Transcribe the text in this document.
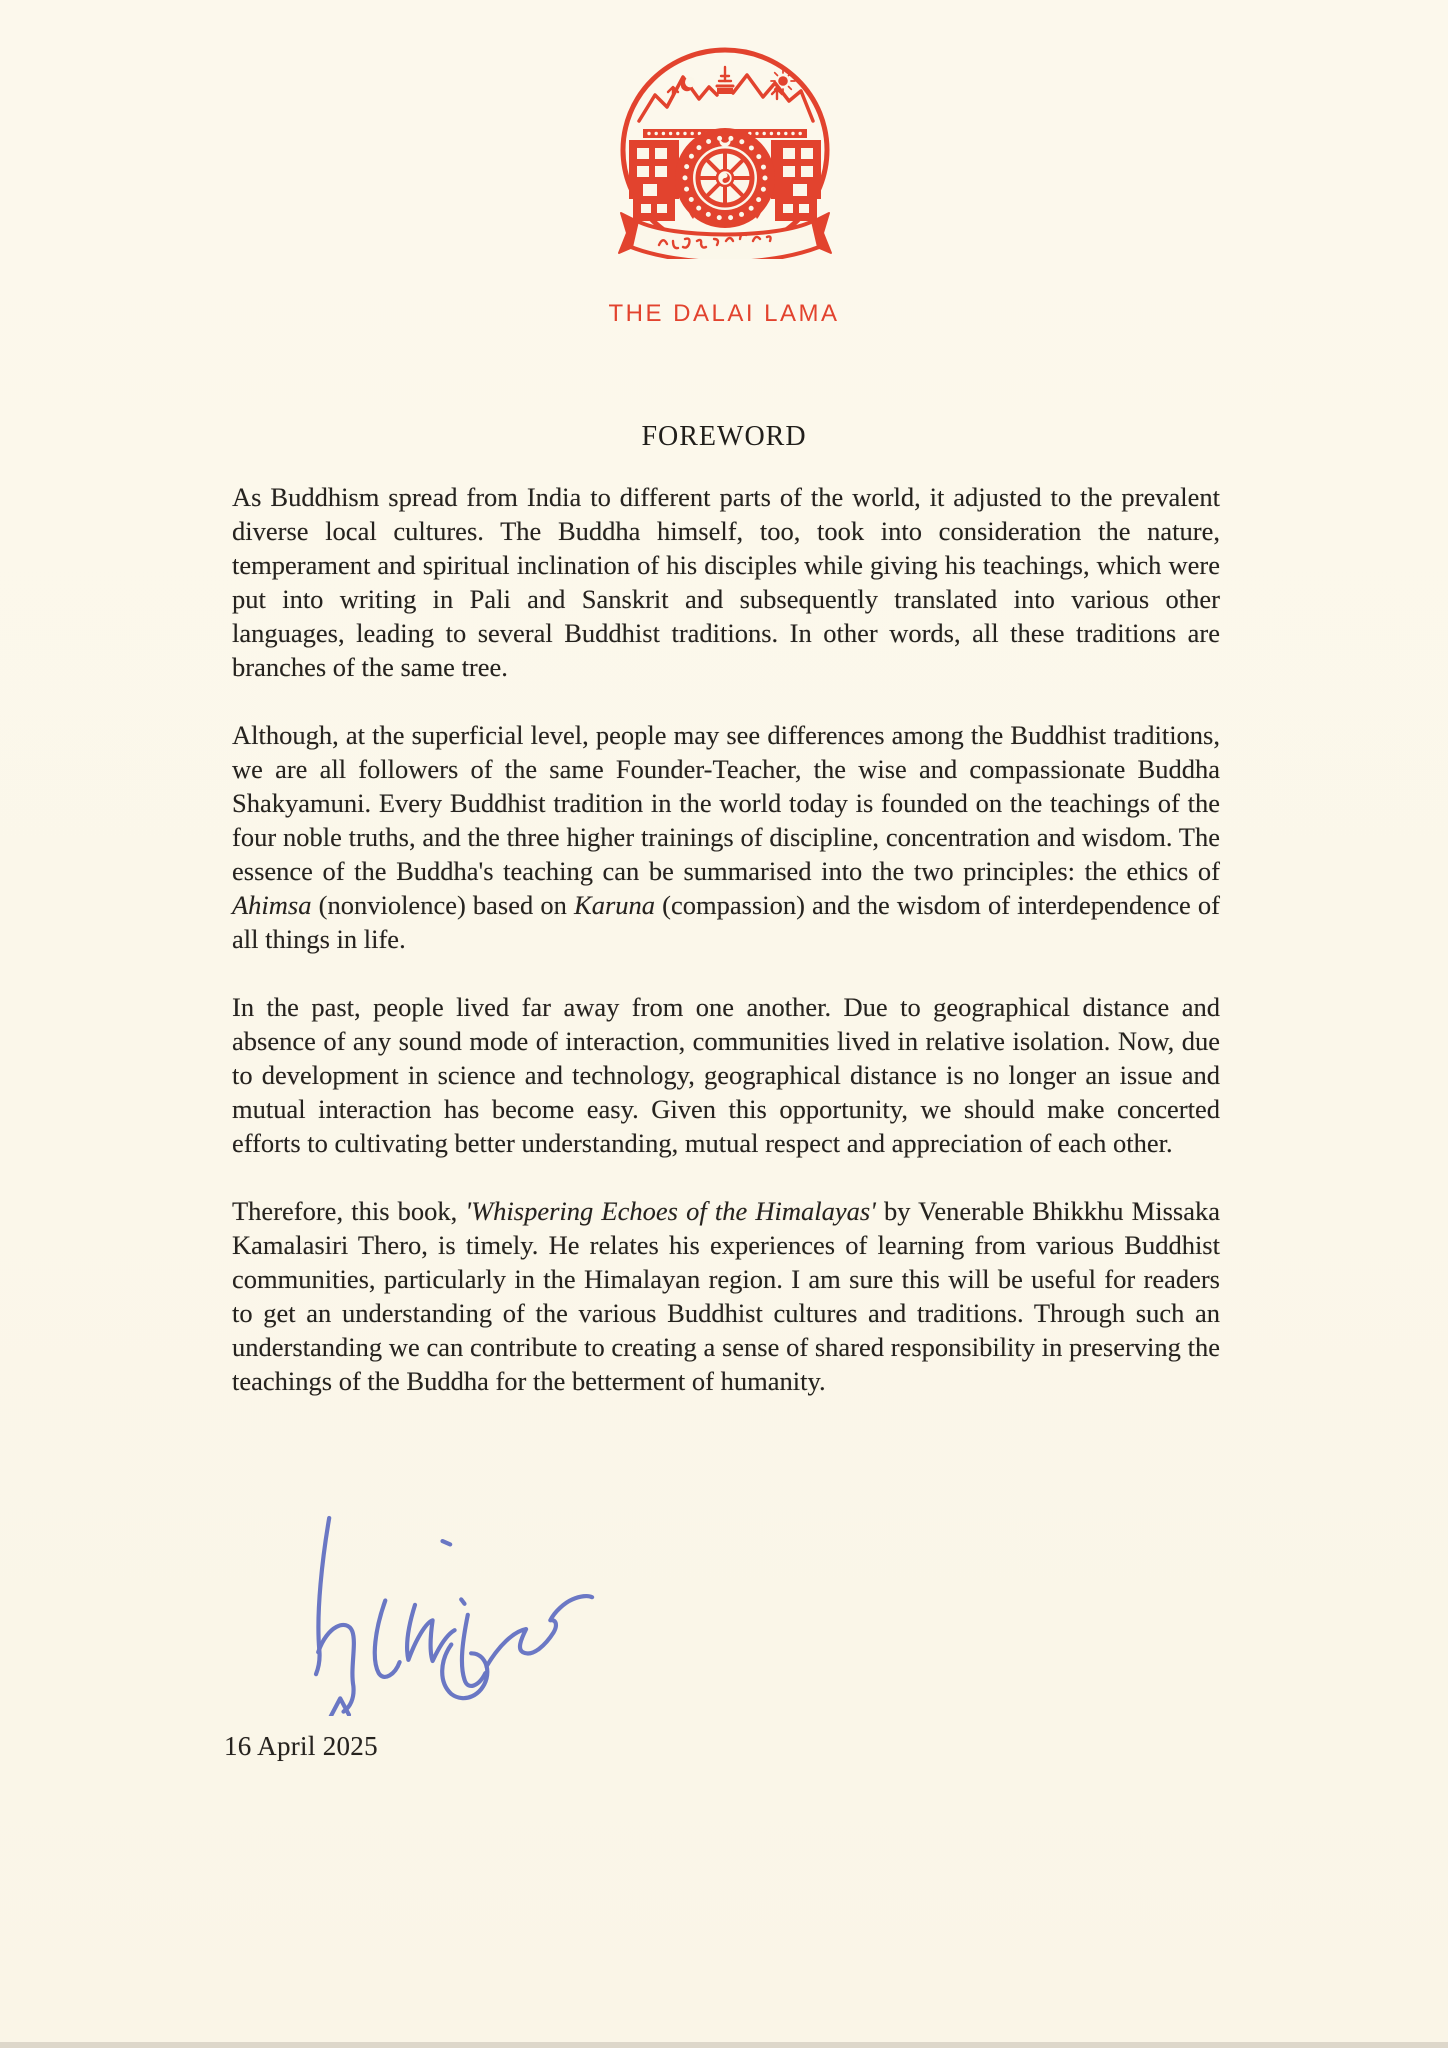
THE DALAI LAMA
FOREWORD

As Buddhism spread from India to different parts of the world, it adjusted to the prevalent diverse local cultures. The Buddha himself, too, took into consideration the nature, temperament and spiritual inclination of his disciples while giving his teachings, which were put into writing in Pali and Sanskrit and subsequently translated into various other languages, leading to several Buddhist traditions. In other words, all these traditions are branches of the same tree.

Although, at the superficial level, people may see differences among the Buddhist traditions, we are all followers of the same Founder-Teacher, the wise and compassionate Buddha Shakyamuni. Every Buddhist tradition in the world today is founded on the teachings of the four noble truths, and the three higher trainings of discipline, concentration and wisdom. The essence of the Buddha's teaching can be summarised into the two principles: the ethics of Ahimsa (nonviolence) based on Karuna (compassion) and the wisdom of interdependence of all things in life.

In the past, people lived far away from one another. Due to geographical distance and absence of any sound mode of interaction, communities lived in relative isolation. Now, due to development in science and technology, geographical distance is no longer an issue and mutual interaction has become easy. Given this opportunity, we should make concerted efforts to cultivating better understanding, mutual respect and appreciation of each other.

Therefore, this book, 'Whispering Echoes of the Himalayas' by Venerable Bhikkhu Missaka Kamalasiri Thero, is timely. He relates his experiences of learning from various Buddhist communities, particularly in the Himalayan region. I am sure this will be useful for readers to get an understanding of the various Buddhist cultures and traditions. Through such an understanding we can contribute to creating a sense of shared responsibility in preserving the teachings of the Buddha for the betterment of humanity.

16 April 2025
